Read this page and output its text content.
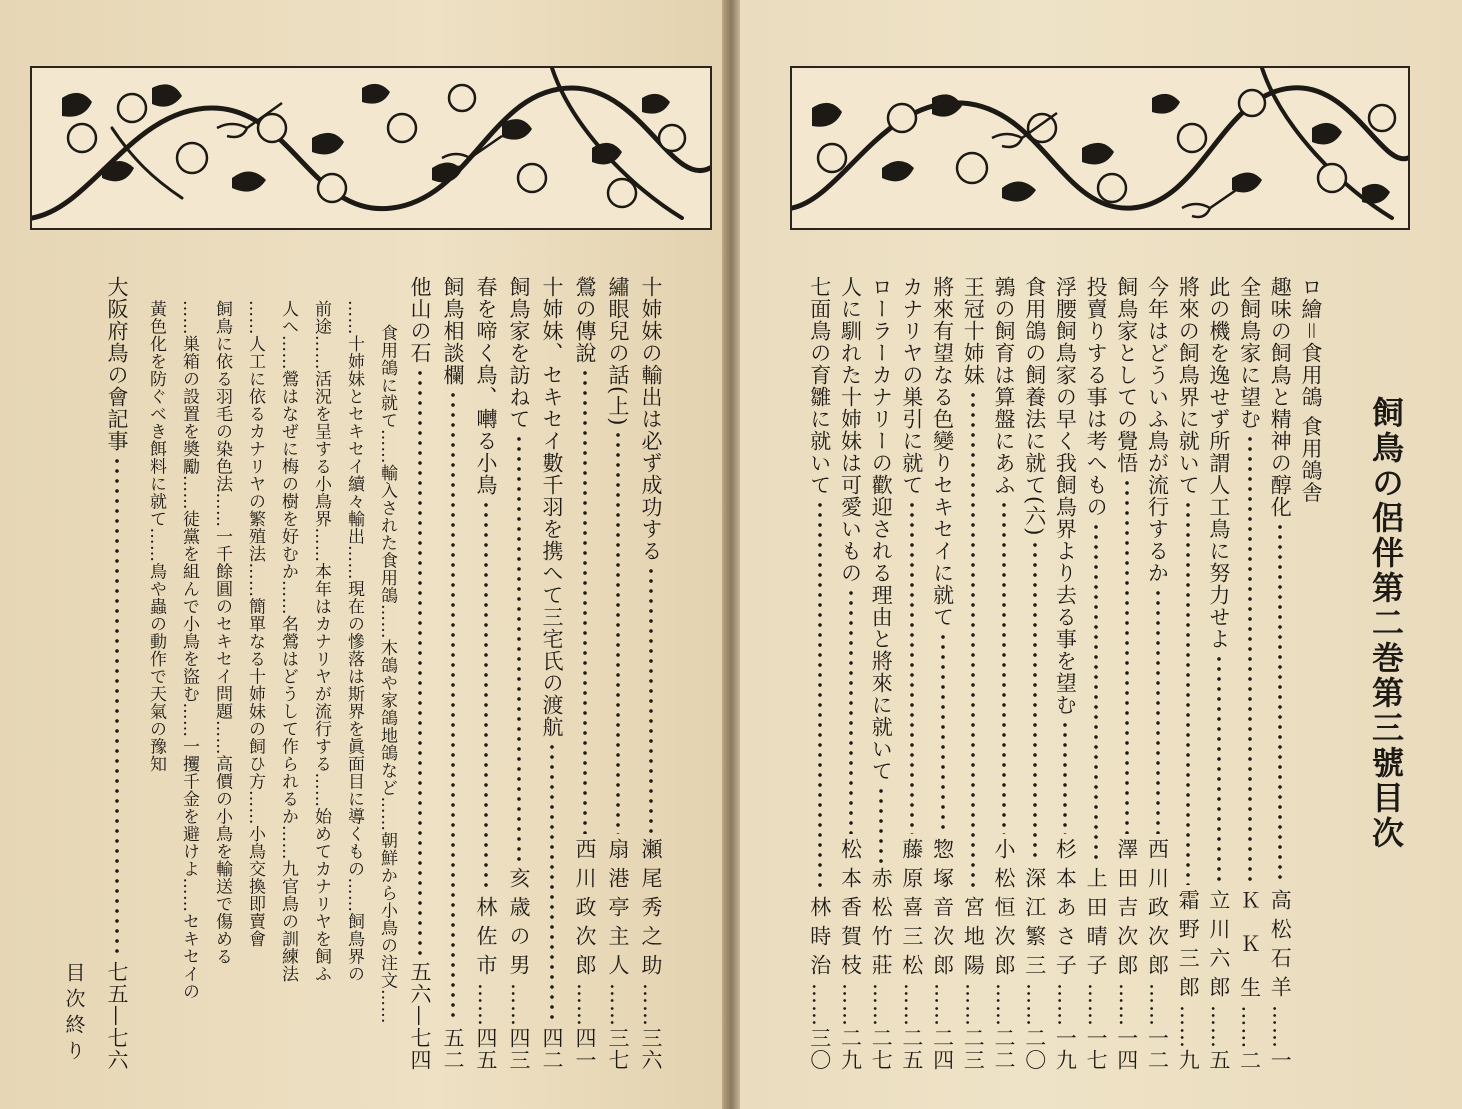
飼鳥の侶伴第二巻第三號目次
ロ繪＝食用鴿 食用鴿舎
趣味の飼鳥と精神の醇化
高松石羊……一
全飼鳥家に望む
Ｋ Ｋ 生……二
此の機を逸せず所謂人工鳥に努力せよ
立川六郎……五
將來の飼鳥界に就いて
霜野三郎……九
今年はどういふ鳥が流行するか
西川政次郎……一二
飼鳥家としての覺悟
澤田吉次郎……一四
投賣りする事は考へもの
上田晴子……一七
浮腰飼鳥家の早く我飼鳥界より去る事を望む
杉本あさ子……一九
食用鴿の飼養法に就て(六)
深江繁三……二〇
鶉の飼育は算盤にあふ
小松恒次郎……二二
王冠十姉妹
宮地陽……二三
將來有望なる色變りセキセイに就て
惣塚音次郎……二四
カナリヤの巣引に就て
藤原喜三松……二五
ローラーカナリーの歡迎される理由と將來に就いて
赤松竹莊……二七
人に馴れた十姉妹は可愛いもの
松本香賀枝……二九
七面鳥の育雛に就いて
林時治……三〇
十姉妹の輸出は必ず成功する
瀬尾秀之助……三六
繡眼兒の話(上)
扇港亭主人……三七
鶯の傳說
西川政次郎……四一
十姉妹、セキセイ數千羽を携へて三宅氏の渡航
四二
飼鳥家を訪ねて
亥歳の男……四三
春を啼く鳥、囀る小鳥
林佐市……四五
飼鳥相談欄
五二
他山の石
五六—七四
食用鴿に就て……輸入された食用鴿……木鴿や家鴿地鴿など……朝鮮から小鳥の注文……
……十姉妹とセキセイ續々輸出……現在の慘落は斯界を眞面目に導くもの……飼鳥界の
前途……活況を呈する小鳥界……本年はカナリヤが流行する……始めてカナリヤを飼ふ
人へ……鶯はなぜに梅の樹を好むか……名鶯はどうして作られるか……九官鳥の訓練法
……人工に依るカナリヤの繁殖法……簡單なる十姉妹の飼ひ方……小鳥交換即賣會
飼鳥に依る羽毛の染色法……一千餘圓のセキセイ問題……高價の小鳥を輸送で傷める
……巣箱の設置を奬勵……徒黨を組んで小鳥を盜む……一攫千金を避けよ……セキセイの
黃色化を防ぐべき餌料に就て……鳥や蟲の動作で天氣の豫知
大阪府鳥の會記事
七五—七六
目次終り
